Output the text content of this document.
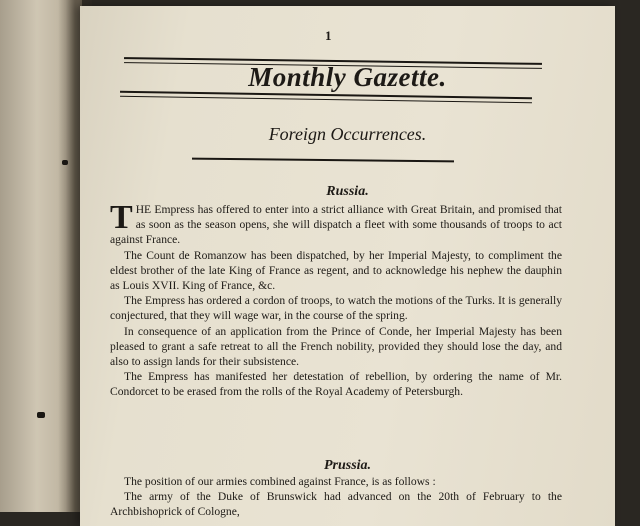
1
Monthly Gazette.
Foreign Occurrences.
Russia.

THE Empress has offered to enter into a strict alliance with Great Britain, and promised that as soon as the season opens, she will dispatch a fleet with some thousands of troops to act against France.

The Count de Romanzow has been dispatched, by her Imperial Majesty, to compliment the eldest brother of the late King of France as regent, and to acknowledge his nephew the dauphin as Louis XVII. King of France, &c.

The Empress has ordered a cordon of troops, to watch the motions of the Turks. It is generally conjectured, that they will wage war, in the course of the spring.

In consequence of an application from the Prince of Conde, her Imperial Majesty has been pleased to grant a safe retreat to all the French nobility, provided they should lose the day, and also to assign lands for their subsistence.

The Empress has manifested her detestation of rebellion, by ordering the name of Mr. Condorcet to be erased from the rolls of the Royal Academy of Petersburgh.

Prussia.

The position of our armies combined against France, is as follows :

The army of the Duke of Brunswick had advanced on the 20th of February to the Archbishoprick of Cologne,
